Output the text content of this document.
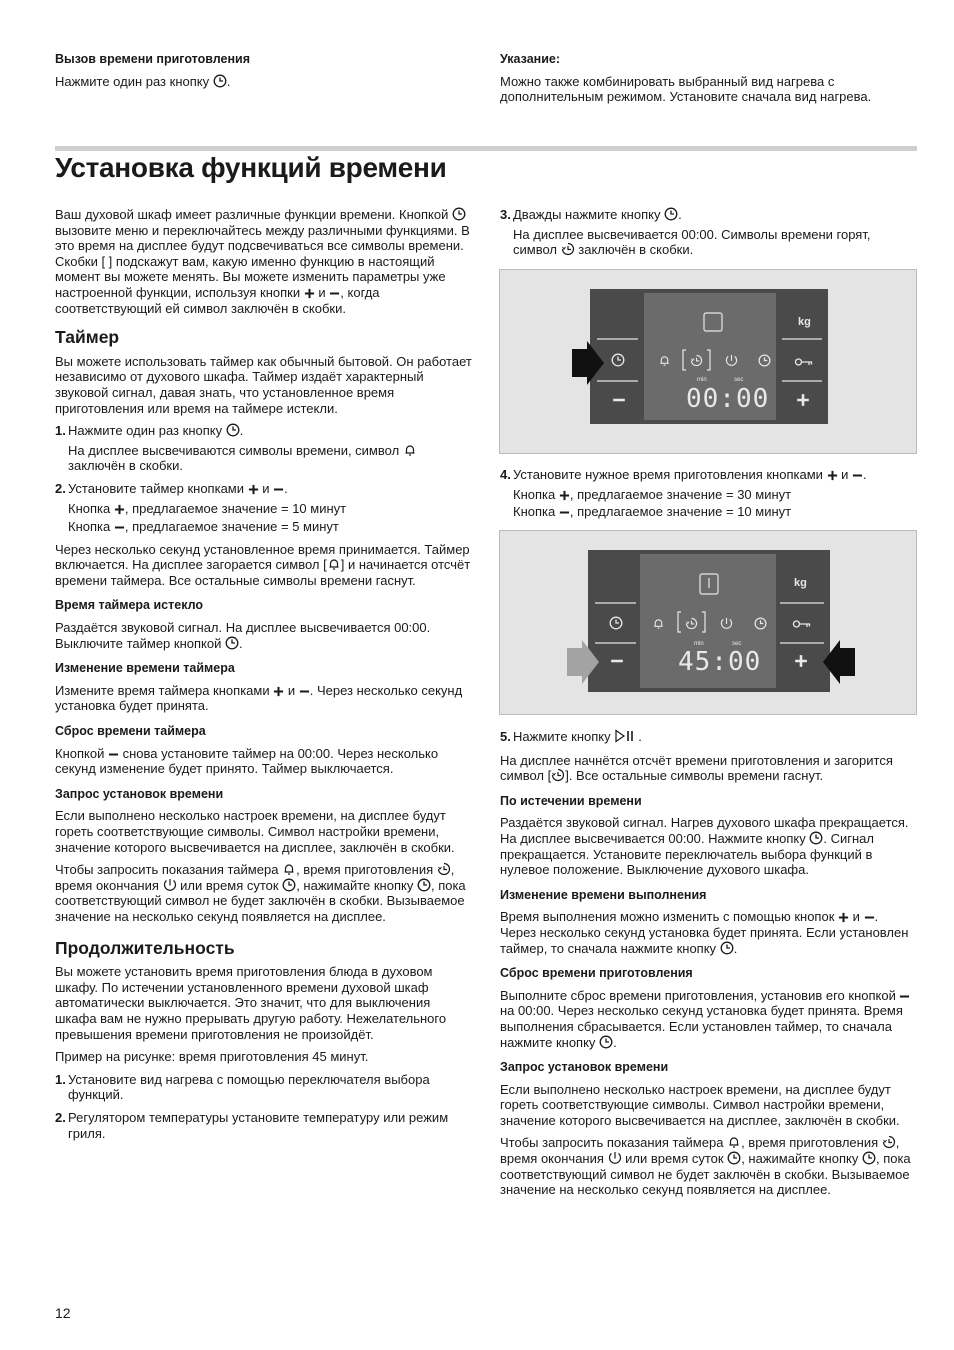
Вызов времени приготовления

Нажмите один раз кнопку .

Указание:

Можно также комбинировать выбранный вид нагрева с дополнительным режимом. Установите сначала вид нагрева.

Установка функций времени

Ваш духовой шкаф имеет различные функции времени. Кнопкой  вызовите меню и переключайтесь между различными функциями. В это время на дисплее будут подсвечиваться все символы времени. Скобки [ ] подскажут вам, какую именно функцию в настоящий момент вы можете менять. Вы можете изменить параметры уже настроенной функции, используя кнопки и , когда соответствующий ей символ заключён в скобки.

Таймер

Вы можете использовать таймер как обычный бытовой. Он работает независимо от духового шкафа. Таймер издаёт характерный звуковой сигнал, давая знать, что установленное время приготовления или время на таймере истекли.

1. Нажмите один раз кнопку .

На дисплее высвечиваются символы времени, символ  заключён в скобки.

2. Установите таймер кнопками и .

Кнопка , предлагаемое значение = 10 минут

Кнопка , предлагаемое значение = 5 минут

Через несколько секунд установленное время принимается. Таймер включается. На дисплее загорается символ [ ] и начинается отсчёт времени таймера. Все остальные символы времени гаснут.

Время таймера истекло

Раздаётся звуковой сигнал. На дисплее высвечивается 00:00. Выключите таймер кнопкой .

Изменение времени таймера

Измените время таймера кнопками и . Через несколько секунд установка будет принята.

Сброс времени таймера

Кнопкой снова установите таймер на 00:00. Через несколько секунд изменение будет принято. Таймер выключается.

Запрос установок времени

Если выполнено несколько настроек времени, на дисплее будут гореть соответствующие символы. Символ настройки времени, значение которого высвечивается на дисплее, заключён в скобки.

Чтобы запросить показания таймера , время приготовления , время окончания или время суток , нажимайте кнопку , пока соответствующий символ не будет заключён в скобки. Вызываемое значение на несколько секунд появляется на дисплее.

Продолжительность

Вы можете установить время приготовления блюда в духовом шкафу. По истечении установленного времени духовой шкаф автоматически выключается. Это значит, что для выключения шкафа вам не нужно прерывать другую работу. Нежелательного превышения времени приготовления не произойдёт.

Пример на рисунке: время приготовления 45 минут.

1. Установите вид нагрева с помощью переключателя выбора функций.
2. Регулятором температуры установите температуру или режим гриля.
3. Дважды нажмите кнопку .

На дисплее высвечивается 00:00. Символы времени горят, символ заключён в скобки.

00:00
min	sec
kg
4. Установите нужное время приготовления кнопками и .

Кнопка , предлагаемое значение = 30 минут

Кнопка , предлагаемое значение = 10 минут

45:00
min	sec
kg
5. Нажмите кнопку .

На дисплее начнётся отсчёт времени приготовления и загорится символ [ ]. Все остальные символы времени гаснут.

По истечении времени

Раздаётся звуковой сигнал. Нагрев духового шкафа прекращается. На дисплее высвечивается 00:00. Нажмите кнопку . Сигнал прекращается. Установите переключатель выбора функций в нулевое положение. Выключение духового шкафа.

Изменение времени выполнения

Время выполнения можно изменить с помощью кнопок и . Через несколько секунд установка будет принята. Если установлен таймер, то сначала нажмите кнопку .

Сброс времени приготовления

Выполните сброс времени приготовления, установив его кнопкой  на 00:00. Через несколько секунд установка будет принята. Время выполнения сбрасывается. Если установлен таймер, то сначала нажмите кнопку .

Запрос установок времени

Если выполнено несколько настроек времени, на дисплее будут гореть соответствующие символы. Символ настройки времени, значение которого высвечивается на дисплее, заключён в скобки.

Чтобы запросить показания таймера , время приготовления , время окончания или время суток , нажимайте кнопку , пока соответствующий символ не будет заключён в скобки. Вызываемое значение на несколько секунд появляется на дисплее.

12
